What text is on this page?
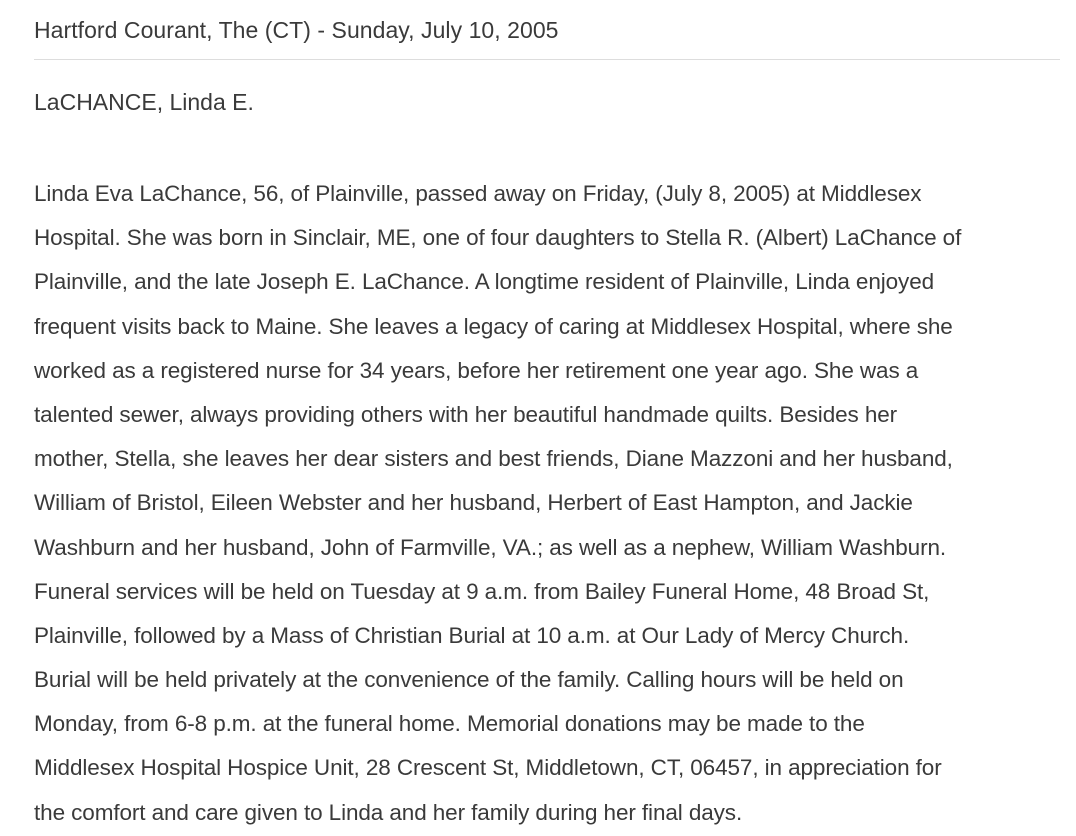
Hartford Courant, The (CT) - Sunday, July 10, 2005
LaCHANCE, Linda E.
Linda Eva LaChance, 56, of Plainville, passed away on Friday, (July 8, 2005) at Middlesex
Hospital. She was born in Sinclair, ME, one of four daughters to Stella R. (Albert) LaChance of
Plainville, and the late Joseph E. LaChance. A longtime resident of Plainville, Linda enjoyed
frequent visits back to Maine. She leaves a legacy of caring at Middlesex Hospital, where she
worked as a registered nurse for 34 years, before her retirement one year ago. She was a
talented sewer, always providing others with her beautiful handmade quilts. Besides her
mother, Stella, she leaves her dear sisters and best friends, Diane Mazzoni and her husband,
William of Bristol, Eileen Webster and her husband, Herbert of East Hampton, and Jackie
Washburn and her husband, John of Farmville, VA.; as well as a nephew, William Washburn.
Funeral services will be held on Tuesday at 9 a.m. from Bailey Funeral Home, 48 Broad St,
Plainville, followed by a Mass of Christian Burial at 10 a.m. at Our Lady of Mercy Church.
Burial will be held privately at the convenience of the family. Calling hours will be held on
Monday, from 6-8 p.m. at the funeral home. Memorial donations may be made to the
Middlesex Hospital Hospice Unit, 28 Crescent St, Middletown, CT, 06457, in appreciation for
the comfort and care given to Linda and her family during her final days.
